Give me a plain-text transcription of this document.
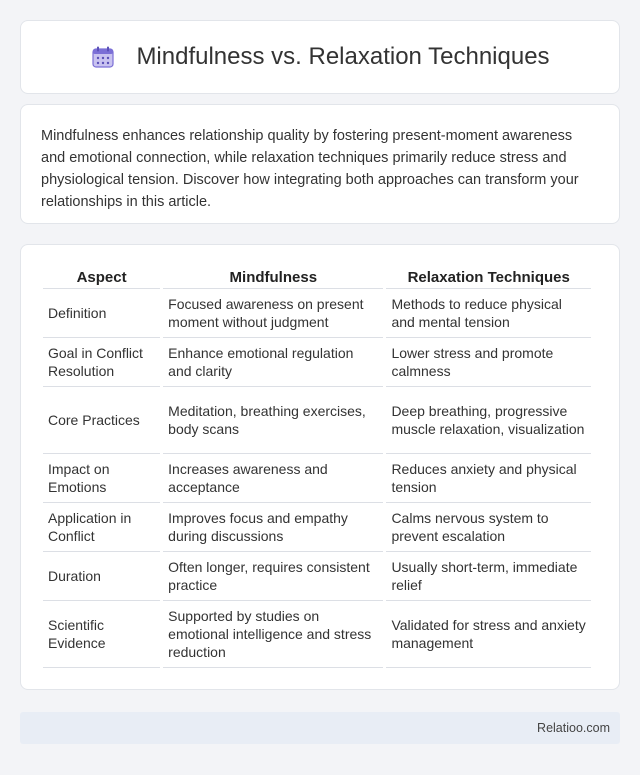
Mindfulness vs. Relaxation Techniques

Mindfulness enhances relationship quality by fostering present-moment awareness and emotional connection, while relaxation techniques primarily reduce stress and physiological tension. Discover how integrating both approaches can transform your relationships in this article.

Aspect	Mindfulness	Relaxation Techniques
Definition	Focused awareness on present moment without judgment	Methods to reduce physical and mental tension
Goal in Conflict Resolution	Enhance emotional regulation and clarity	Lower stress and promote calmness
Core Practices	Meditation, breathing exercises, body scans	Deep breathing, progressive muscle relaxation, visualization
Impact on Emotions	Increases awareness and acceptance	Reduces anxiety and physical tension
Application in Conflict	Improves focus and empathy during discussions	Calms nervous system to prevent escalation
Duration	Often longer, requires consistent practice	Usually short-term, immediate relief
Scientific Evidence	Supported by studies on emotional intelligence and stress reduction	Validated for stress and anxiety management
Relatioo.com
